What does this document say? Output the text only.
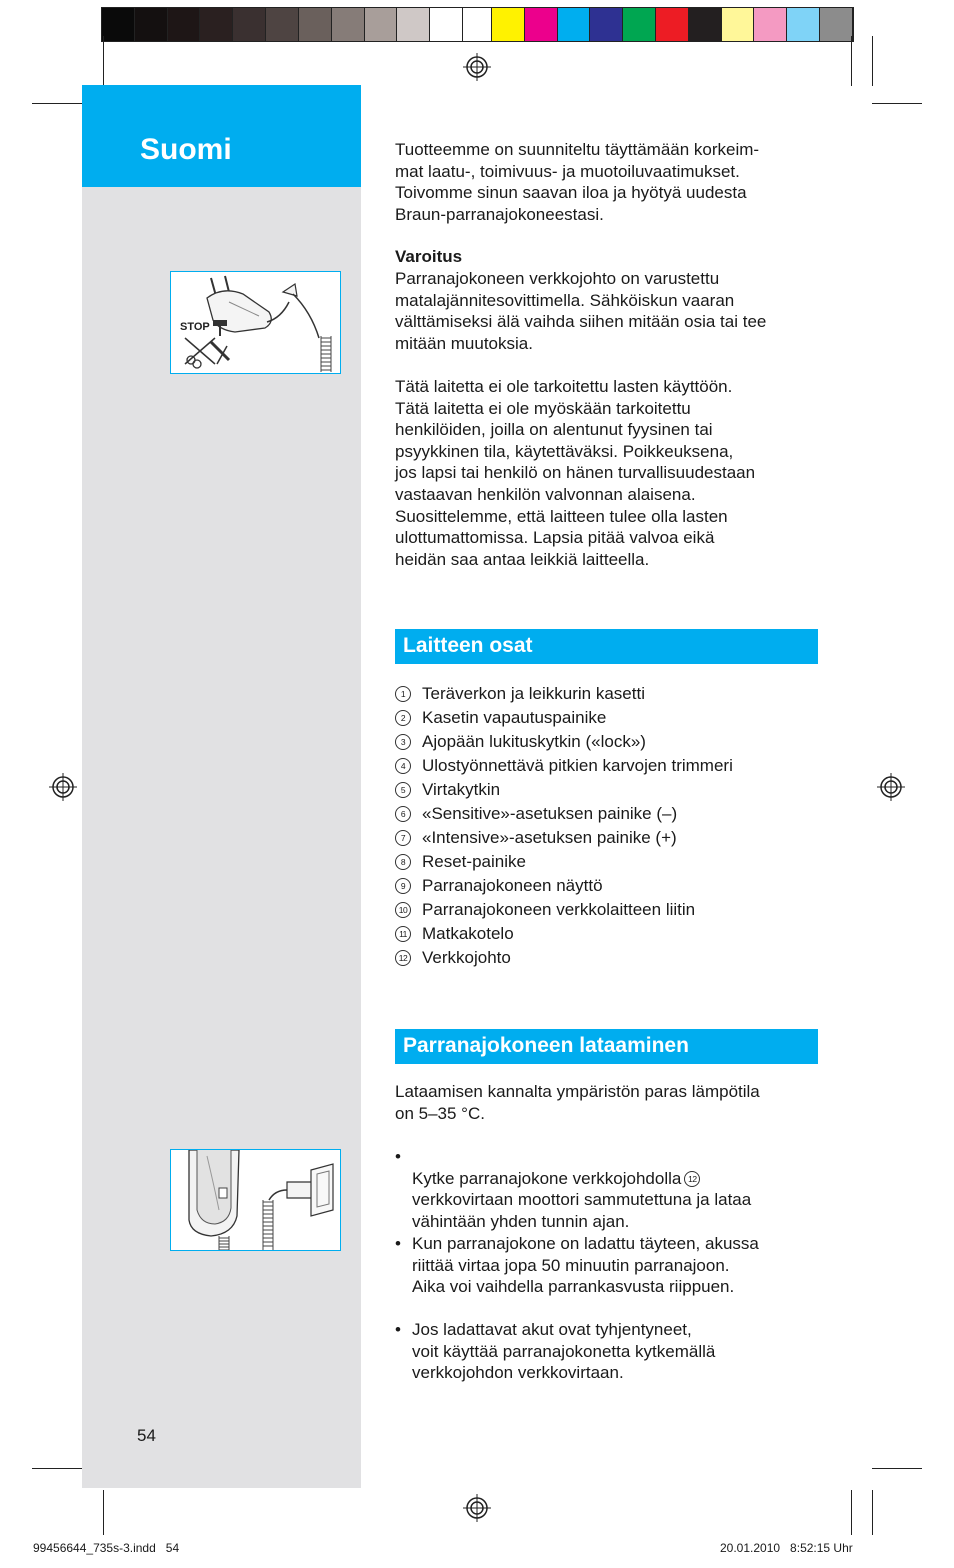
Suomi
STOP
54
Tuotteemme on suunniteltu täyttämään korkeim-
mat laatu-, toimivuus- ja muotoiluvaatimukset.
Toivomme sinun saavan iloa ja hyötyä uudesta
Braun-parranajokoneestasi.
Varoitus
Parranajokoneen verkkojohto on varustettu
matalajännitesovittimella. Sähköiskun vaaran
välttämiseksi älä vaihda siihen mitään osia tai tee
mitään muutoksia.
Tätä laitetta ei ole tarkoitettu lasten käyttöön.
Tätä laitetta ei ole myöskään tarkoitettu
henkilöiden, joilla on alentunut fyysinen tai
psyykkinen tila, käytettäväksi. Poikkeuksena,
jos lapsi tai henkilö on hänen turvallisuudestaan
vastaavan henkilön valvonnan alaisena.
Suosittelemme, että laitteen tulee olla lasten
ulottumattomissa. Lapsia pitää valvoa eikä
heidän saa antaa leikkiä laitteella.
Laitteen osat
1 Teräverkon ja leikkurin kasetti
2 Kasetin vapautuspainike
3 Ajopään lukituskytkin («lock»)
4 Ulostyönnettävä pitkien karvojen trimmeri
5 Virtakytkin
6 «Sensitive»-asetuksen painike (–)
7 «Intensive»-asetuksen painike (+)
8 Reset-painike
9 Parranajokoneen näyttö
10 Parranajokoneen verkkolaitteen liitin
11 Matkakotelo
12 Verkkojohto
Parranajokoneen lataaminen
Lataamisen kannalta ympäristön paras lämpötila
on 5–35 °C.
•

Kytke parranajokone verkkojohdolla 12

verkkovirtaan moottori sammutettuna ja lataa
vähintään yhden tunnin ajan.

• Kun parranajokone on ladattu täyteen, akussa
riittää virtaa jopa 50 minuutin parranajoon.
Aika voi vaihdella parrankasvusta riippuen.
• Jos ladattavat akut ovat tyhjentyneet,
voit käyttää parranajokonetta kytkemällä
verkkojohdon verkkovirtaan.
99456644_735s-3.indd   54	20.01.2010   8:52:15 Uhr
